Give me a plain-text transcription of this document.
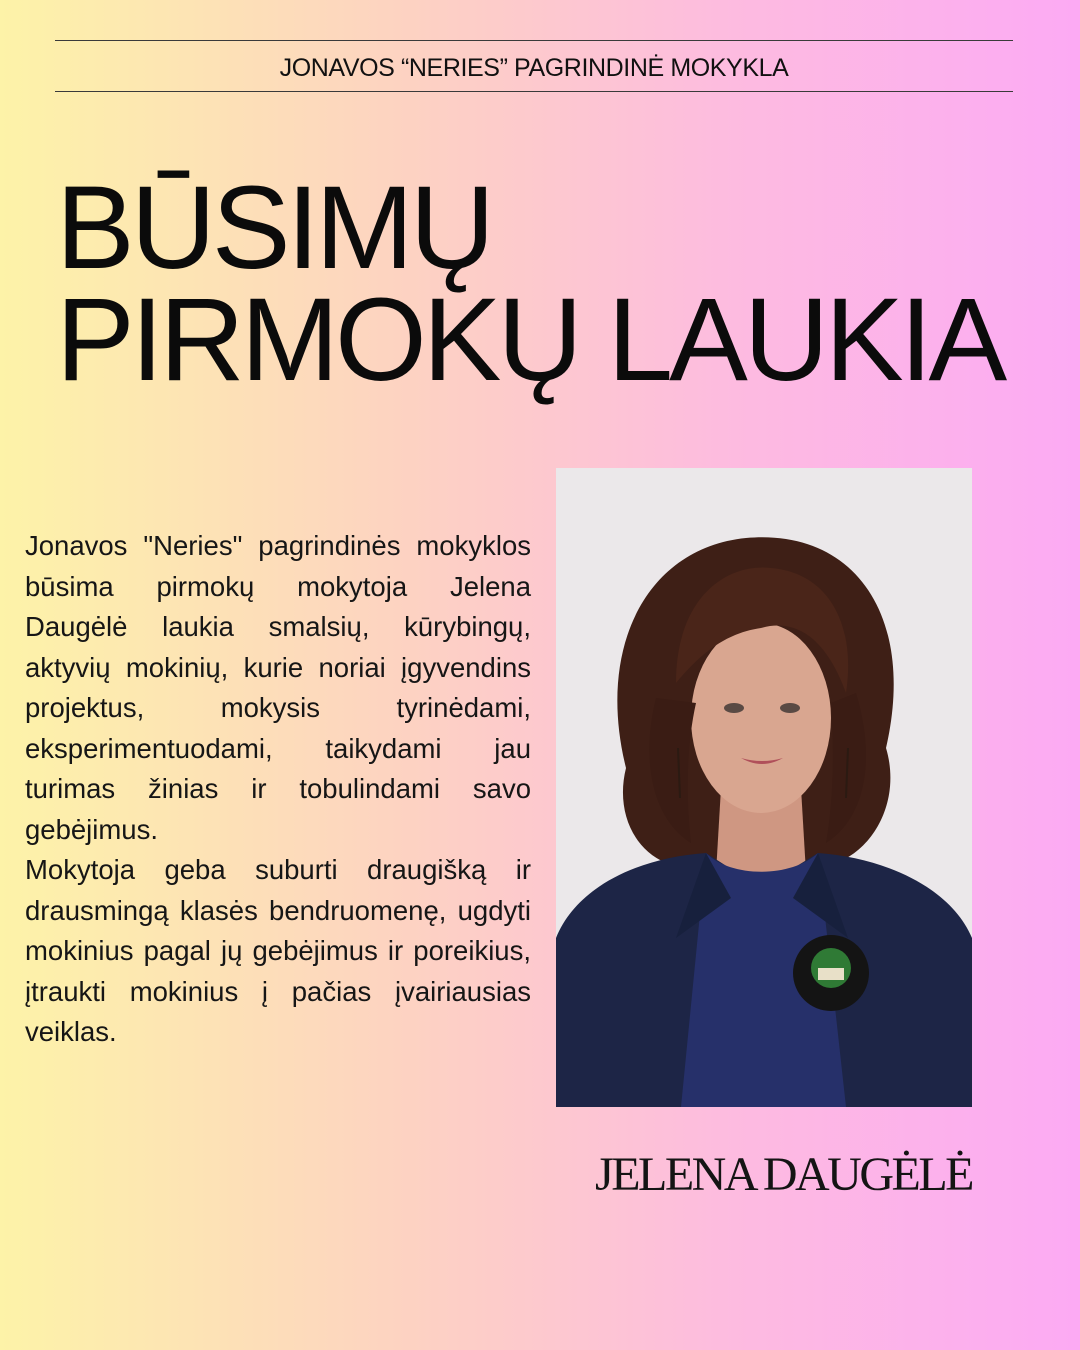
JONAVOS “NERIES” PAGRINDINĖ MOKYKLA
BŪSIMŲ
PIRMOKŲ LAUKIA

Jonavos "Neries" pagrindinės mokyklos būsima pirmokų mokytoja Jelena Daugėlė laukia smalsių, kūrybingų, aktyvių mokinių, kurie noriai įgyvendins projektus, mokysis tyrinėdami, eksperimentuodami, taikydami jau turimas žinias ir tobulindami savo gebėjimus.

Mokytoja geba suburti draugišką ir drausmingą klasės bendruomenę, ugdyti mokinius pagal jų gebėjimus ir poreikius, įtraukti mokinius į pačias įvairiausias veiklas.

JELENA DAUGĖLĖ
